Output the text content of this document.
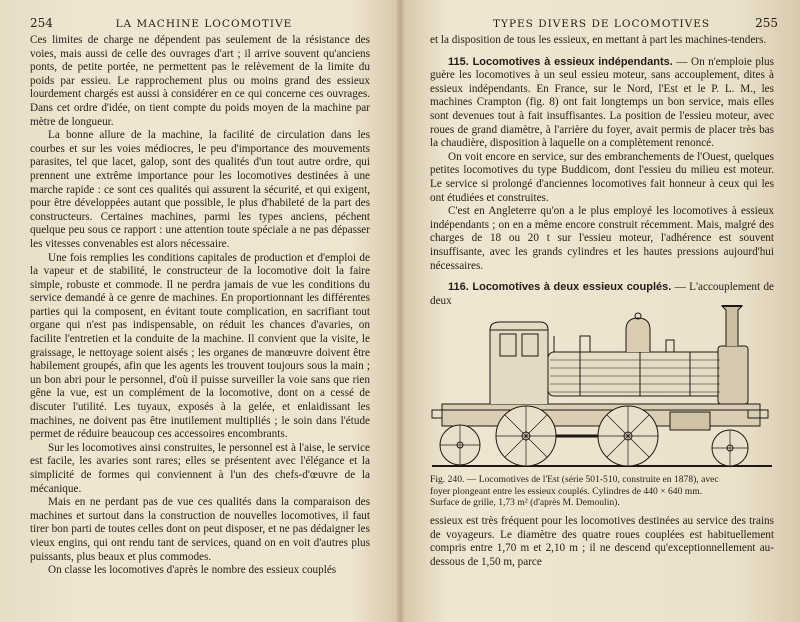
254	LA MACHINE LOCOMOTIVE

Ces limites de charge ne dépendent pas seulement de la résistance des voies, mais aussi de celle des ouvrages d'art ; il arrive souvent qu'anciens ponts, de petite portée, ne permettent pas le relèvement de la limite du poids par essieu. Le rapprochement plus ou moins grand des essieux lourdement chargés est aussi à considérer en ce qui concerne ces ouvrages. Dans cet ordre d'idée, on tient compte du poids moyen de la machine par mètre de longueur.

La bonne allure de la machine, la facilité de circulation dans les courbes et sur les voies médiocres, le peu d'importance des mouvements parasites, tel que lacet, galop, sont des qualités d'un tout autre ordre, qui prennent une extrême importance pour les locomotives destinées à une marche rapide : ce sont ces qualités qui assurent la sécurité, et qui exigent, pour être développées autant que possible, le plus d'habileté de la part des constructeurs. Certaines machines, parmi les types anciens, péchent quelque peu sous ce rapport : une attention toute spéciale a ne pas dépasser les vitesses convenables est alors nécessaire.

Une fois remplies les conditions capitales de production et d'emploi de la vapeur et de stabilité, le constructeur de la locomotive doit la faire simple, robuste et commode. Il ne perdra jamais de vue les conditions du service demandé à ce genre de machines. En proportionnant les différentes parties qui la composent, en évitant toute complication, en sacrifiant tout organe qui n'est pas indispensable, on réduit les chances d'avaries, on facilite l'entretien et la conduite de la machine. Il convient que la visite, le graissage, le nettoyage soient aisés ; les organes de manœuvre doivent être habilement groupés, afin que les agents les trouvent toujours sous la main ; un bon abri pour le personnel, d'où il puisse surveiller la voie sans que rien gêne la vue, est un complément de la locomotive, dont on a cessé de discuter l'utilité. Les tuyaux, exposés à la gelée, et enlaidissant les machines, ne doivent pas être inutilement multipliés ; le soin dans l'étude permet de réduire beaucoup ces accessoires encombrants.

Sur les locomotives ainsi construites, le personnel est à l'aise, le service est facile, les avaries sont rares; elles se présentent avec l'élégance et la simplicité de formes qui conviennent à l'un des chefs-d'œuvre de la mécanique.

Mais en ne perdant pas de vue ces qualités dans la comparaison des machines et surtout dans la construction de nouvelles locomotives, il faut tirer bon parti de toutes celles dont on peut disposer, et ne pas dédaigner les vieux engins, qui ont rendu tant de services, quand on en voit d'autres plus puissants, plus beaux et plus commodes.

On classe les locomotives d'après le nombre des essieux couplés

TYPES DIVERS DE LOCOMOTIVES	255

et la disposition de tous les essieux, en mettant à part les machines-tenders.

115. Locomotives à essieux indépendants. — On n'emploie plus guère les locomotives à un seul essieu moteur, sans accouplement, dites à essieux indépendants. En France, sur le Nord, l'Est et le P. L. M., les machines Crampton (fig. 8) ont fait longtemps un bon service, mais elles sont devenues tout à fait insuffisantes. La position de l'essieu moteur, avec roues de grand diamètre, à l'arrière du foyer, avait permis de placer très bas la chaudière, disposition à laquelle on a complètement renoncé.

On voit encore en service, sur des embranchements de l'Ouest, quelques petites locomotives du type Buddicom, dont l'essieu du milieu est moteur. Le service si prolongé d'anciennes locomotives fait honneur à ceux qui les ont étudiées et construites.

C'est en Angleterre qu'on a le plus employé les locomotives à essieux indépendants ; on en a même encore construit récemment. Mais, malgré des charges de 18 ou 20 t sur l'essieu moteur, l'adhérence est souvent insuffisante, avec les grands cylindres et les hautes pressions aujourd'hui nécessaires.

116. Locomotives à deux essieux couplés. — L'accouplement de deux

Fig. 240. — Locomotives de l'Est (série 501-510, construite en 1878), avec
foyer plongeant entre les essieux couplés. Cylindres de 440 × 640 mm.
Surface de grille, 1,73 m² (d'après M. Demoulin).

essieux est très fréquent pour les locomotives destinées au service des trains de voyageurs. Le diamètre des quatre roues couplées est habituellement compris entre 1,70 m et 2,10 m ; il ne descend qu'exceptionnellement au-dessous de 1,50 m, parce
